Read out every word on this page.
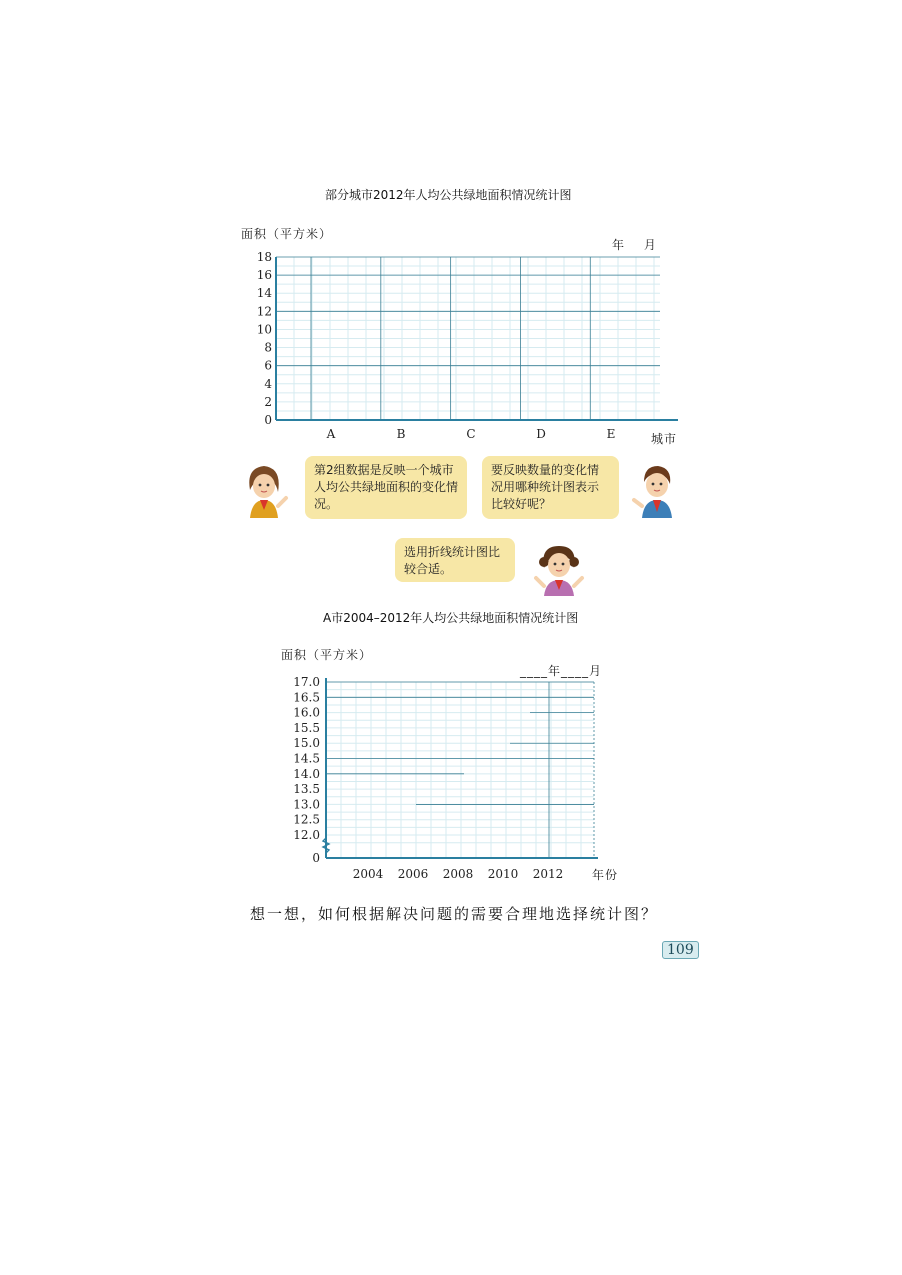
部分城市2012年人均公共绿地面积情况统计图
面积（平方米）
年 月
城市
18
16
14
12
10
8
6
4
2
0
A	B	C	D	E
第2组数据是反映一个城市人均公共绿地面积的变化情况。
要反映数量的变化情况用哪种统计图表示比较好呢？
选用折线统计图比较合适。
A市2004–2012年人均公共绿地面积情况统计图
面积（平方米）
____年____月
年份
17.0
16.5
16.0
15.5
15.0
14.5
14.0
13.5
13.0
12.5
12.0
0
2004 2006 2008 2010 2012
想一想，如何根据解决问题的需要合理地选择统计图？
109
